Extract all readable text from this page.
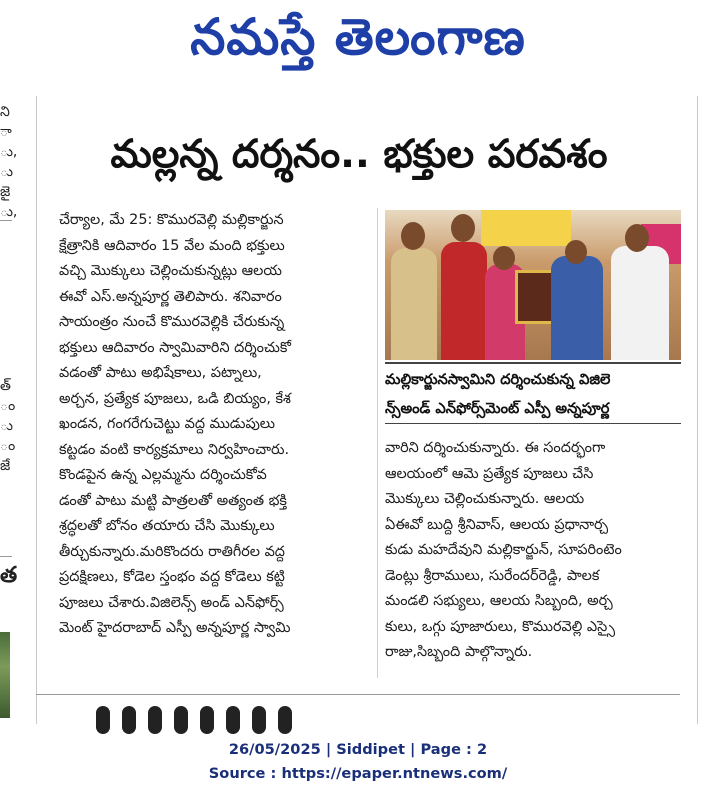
నమస్తే తెలంగాణ
ని
ా
ు,
ు
జై
ు,
త్
ం
ు
ం
జే
త
మల్లన్న దర్శనం.. భక్తుల పరవశం
చేర్యాల, మే 25: కొమురవెల్లి మల్లికార్జున
క్షేత్రానికి ఆదివారం 15 వేల మంది భక్తులు
వచ్చి మొక్కులు చెల్లించుకున్నట్లు ఆలయ
ఈవో ఎస్.అన్నపూర్ణ తెలిపారు. శనివారం
సాయంత్రం నుంచే కొమురవెల్లికి చేరుకున్న
భక్తులు ఆదివారం స్వామివారిని దర్శించుకో
వడంతో పాటు అభిషేకాలు, పట్నాలు,
అర్చన, ప్రత్యేక పూజలు, ఒడి బియ్యం, కేశ
ఖండన, గంగరేగుచెట్టు వద్ద ముడుపులు
కట్టడం వంటి కార్యక్రమాలు నిర్వహించారు.
కొండపైన ఉన్న ఎల్లమ్మను దర్శించుకోవ
డంతో పాటు మట్టి పాత్రలతో అత్యంత భక్తి
శ్రద్ధలతో బోనం తయారు చేసి మొక్కులు
తీర్చుకున్నారు.మరికొందరు రాతిగీరల వద్ద
ప్రదక్షిణలు, కోడెల స్తంభం వద్ద కోడెలు కట్టి
పూజలు చేశారు.విజిలెన్స్ అండ్ ఎన్‌ఫోర్స్
మెంట్ హైదరాబాద్ ఎస్పీ అన్నపూర్ణ స్వామి
మల్లికార్జునస్వామిని దర్శించుకున్న విజిలె
న్స్‌అండ్ ఎన్‌ఫోర్స్‌మెంట్ ఎస్పీ అన్నపూర్ణ
వారిని దర్శించుకున్నారు. ఈ సందర్భంగా
ఆలయంలో ఆమె ప్రత్యేక పూజలు చేసి
మొక్కులు చెల్లించుకున్నారు. ఆలయ
ఏఈవో బుద్ది శ్రీనివాస్, ఆలయ ప్రధానార్చ
కుడు మహదేవుని మల్లికార్జున్, సూపరింటెం
డెంట్లు శ్రీరాములు, సురేందర్‌రెడ్డి, పాలక
మండలి సభ్యులు, ఆలయ సిబ్బంది, అర్చ
కులు, ఒగ్గు పూజారులు, కొమురవెల్లి ఎస్సై
రాజు,సిబ్బంది పాల్గొన్నారు.
26/05/2025 | Siddipet | Page : 2
Source : https://epaper.ntnews.com/
